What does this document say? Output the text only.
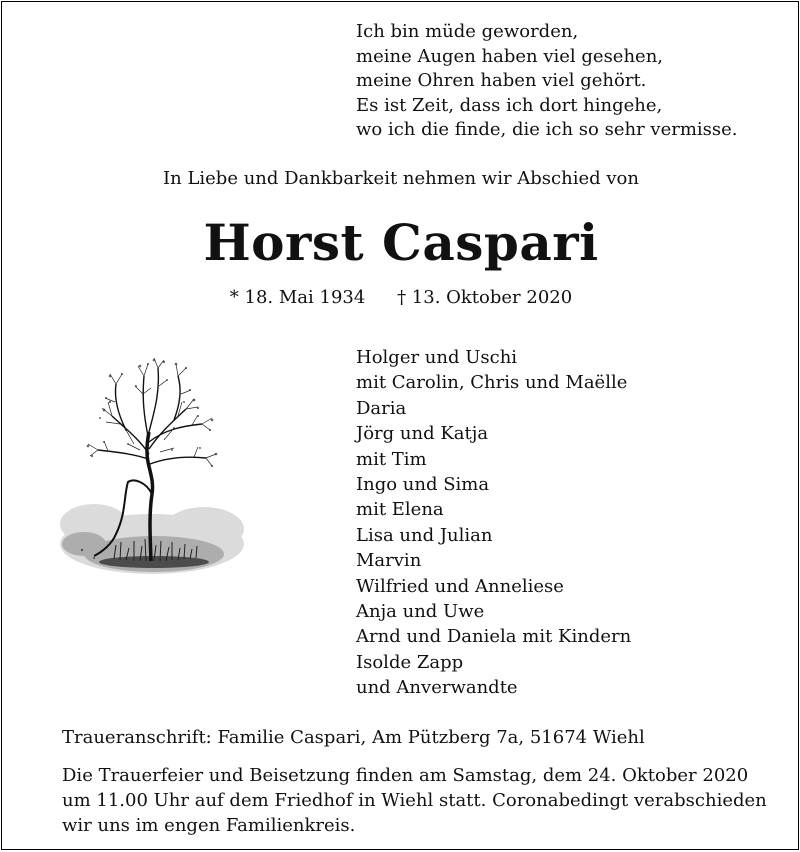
Ich bin müde geworden,
meine Augen haben viel gesehen,
meine Ohren haben viel gehört.
Es ist Zeit, dass ich dort hingehe,
wo ich die finde, die ich so sehr vermisse.
In Liebe und Dankbarkeit nehmen wir Abschied von
Horst Caspari
* 18. Mai 1934 † 13. Oktober 2020
Holger und Uschi
mit Carolin, Chris und Maëlle
Daria
Jörg und Katja
mit Tim
Ingo und Sima
mit Elena
Lisa und Julian
Marvin
Wilfried und Anneliese
Anja und Uwe
Arnd und Daniela mit Kindern
Isolde Zapp
und Anverwandte
Traueranschrift: Familie Caspari, Am Pützberg 7a, 51674 Wiehl
Die Trauerfeier und Beisetzung finden am Samstag, dem 24. Oktober 2020
um 11.00 Uhr auf dem Friedhof in Wiehl statt. Coronabedingt verabschieden
wir uns im engen Familienkreis.
